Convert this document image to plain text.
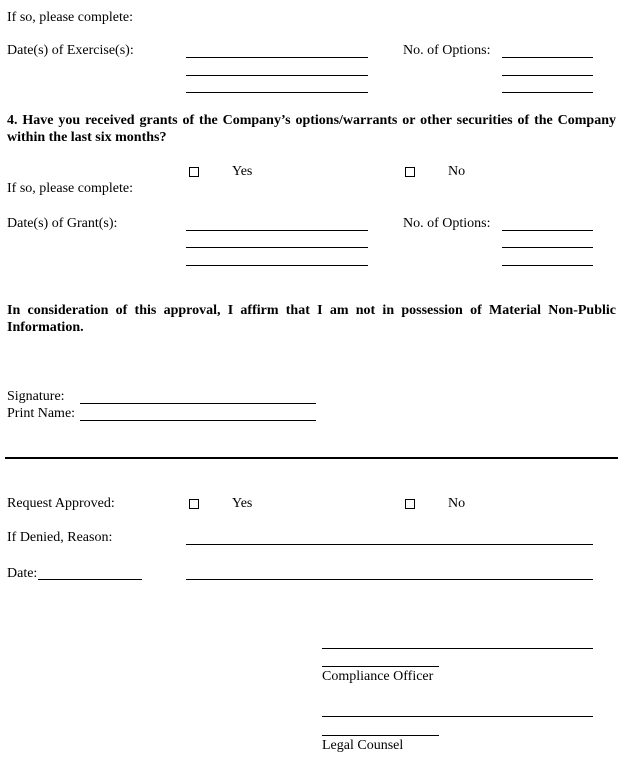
If so, please complete:
Date(s) of Exercise(s):	No. of Options:
4. Have you received grants of the Company’s options/warrants or other securities of the Company within the last six months?
Yes	No
If so, please complete:
Date(s) of Grant(s):	No. of Options:
In consideration of this approval, I affirm that I am not in possession of Material Non-Public Information.
Signature:
Print Name:
Request Approved:	Yes	No
If Denied, Reason:
Date:
Compliance Officer
Legal Counsel
